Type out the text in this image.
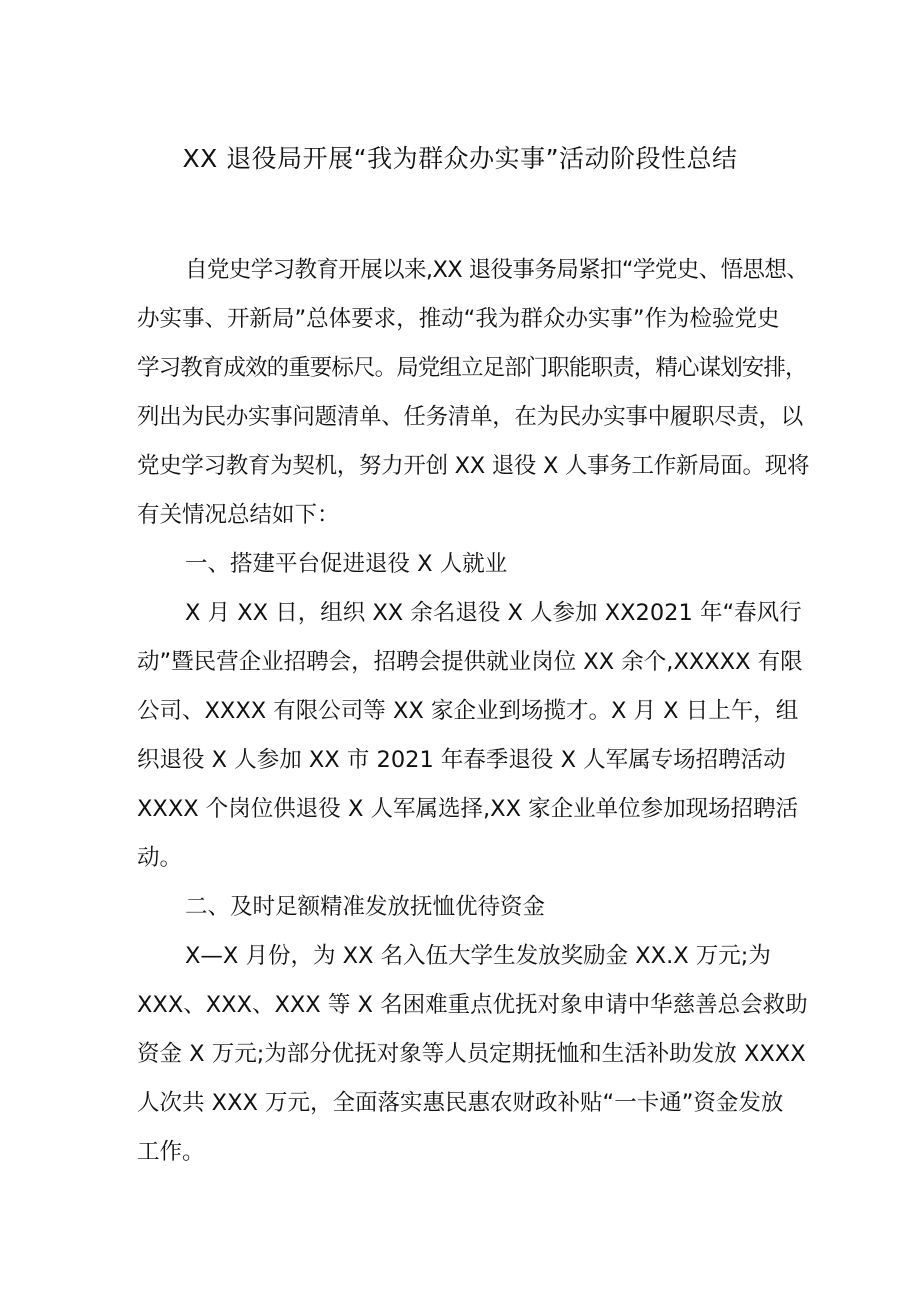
XX 退役局开展“我为群众办实事”活动阶段性总结
自党史学习教育开展以来,XX 退役事务局紧扣“学党史、悟思想、
办实事、开新局”总体要求，推动“我为群众办实事”作为检验党史
学习教育成效的重要标尺。局党组立足部门职能职责，精心谋划安排，
列出为民办实事问题清单、任务清单，在为民办实事中履职尽责，以
党史学习教育为契机，努力开创 XX 退役 X 人事务工作新局面。现将
有关情况总结如下：
一、搭建平台促进退役 X 人就业
X 月 XX 日，组织 XX 余名退役 X 人参加 XX2021 年“春风行
动”暨民营企业招聘会，招聘会提供就业岗位 XX 余个,XXXXX 有限
公司、XXXX 有限公司等 XX 家企业到场揽才。X 月 X 日上午，组
织退役 X 人参加 XX 市 2021 年春季退役 X 人军属专场招聘活动
XXXX 个岗位供退役 X 人军属选择,XX 家企业单位参加现场招聘活
动。
二、及时足额精准发放抚恤优待资金
X—X 月份，为 XX 名入伍大学生发放奖励金 XX.X 万元;为
XXX、XXX、XXX 等 X 名困难重点优抚对象申请中华慈善总会救助
资金 X 万元;为部分优抚对象等人员定期抚恤和生活补助发放 XXXX
人次共 XXX 万元，全面落实惠民惠农财政补贴“一卡通”资金发放
工作。
